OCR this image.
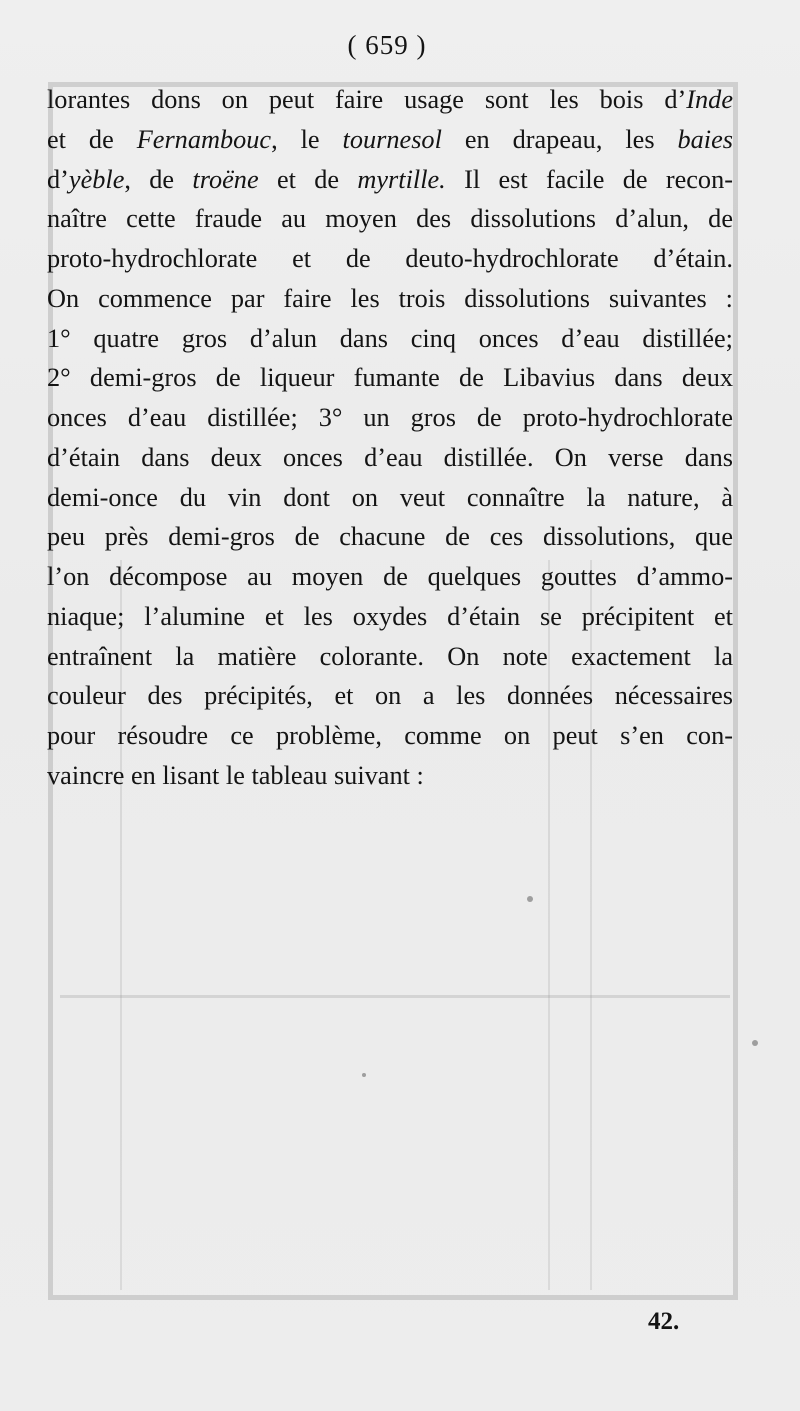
( 659 )
lorantes dons on peut faire usage sont les bois d’Inde
et de Fernambouc, le tournesol en drapeau, les baies
d’yèble, de troëne et de myrtille. Il est facile de recon-
naître cette fraude au moyen des dissolutions d’alun, de
proto-hydrochlorate et de deuto-hydrochlorate d’étain.
On commence par faire les trois dissolutions suivantes :
1° quatre gros d’alun dans cinq onces d’eau distillée;
2° demi-gros de liqueur fumante de Libavius dans deux
onces d’eau distillée; 3° un gros de proto-hydrochlorate
d’étain dans deux onces d’eau distillée. On verse dans
demi-once du vin dont on veut connaître la nature, à
peu près demi-gros de chacune de ces dissolutions, que
l’on décompose au moyen de quelques gouttes d’ammo-
niaque; l’alumine et les oxydes d’étain se précipitent et
entraînent la matière colorante. On note exactement la
couleur des précipités, et on a les données nécessaires
pour résoudre ce problème, comme on peut s’en con-
vaincre en lisant le tableau suivant :
42.
